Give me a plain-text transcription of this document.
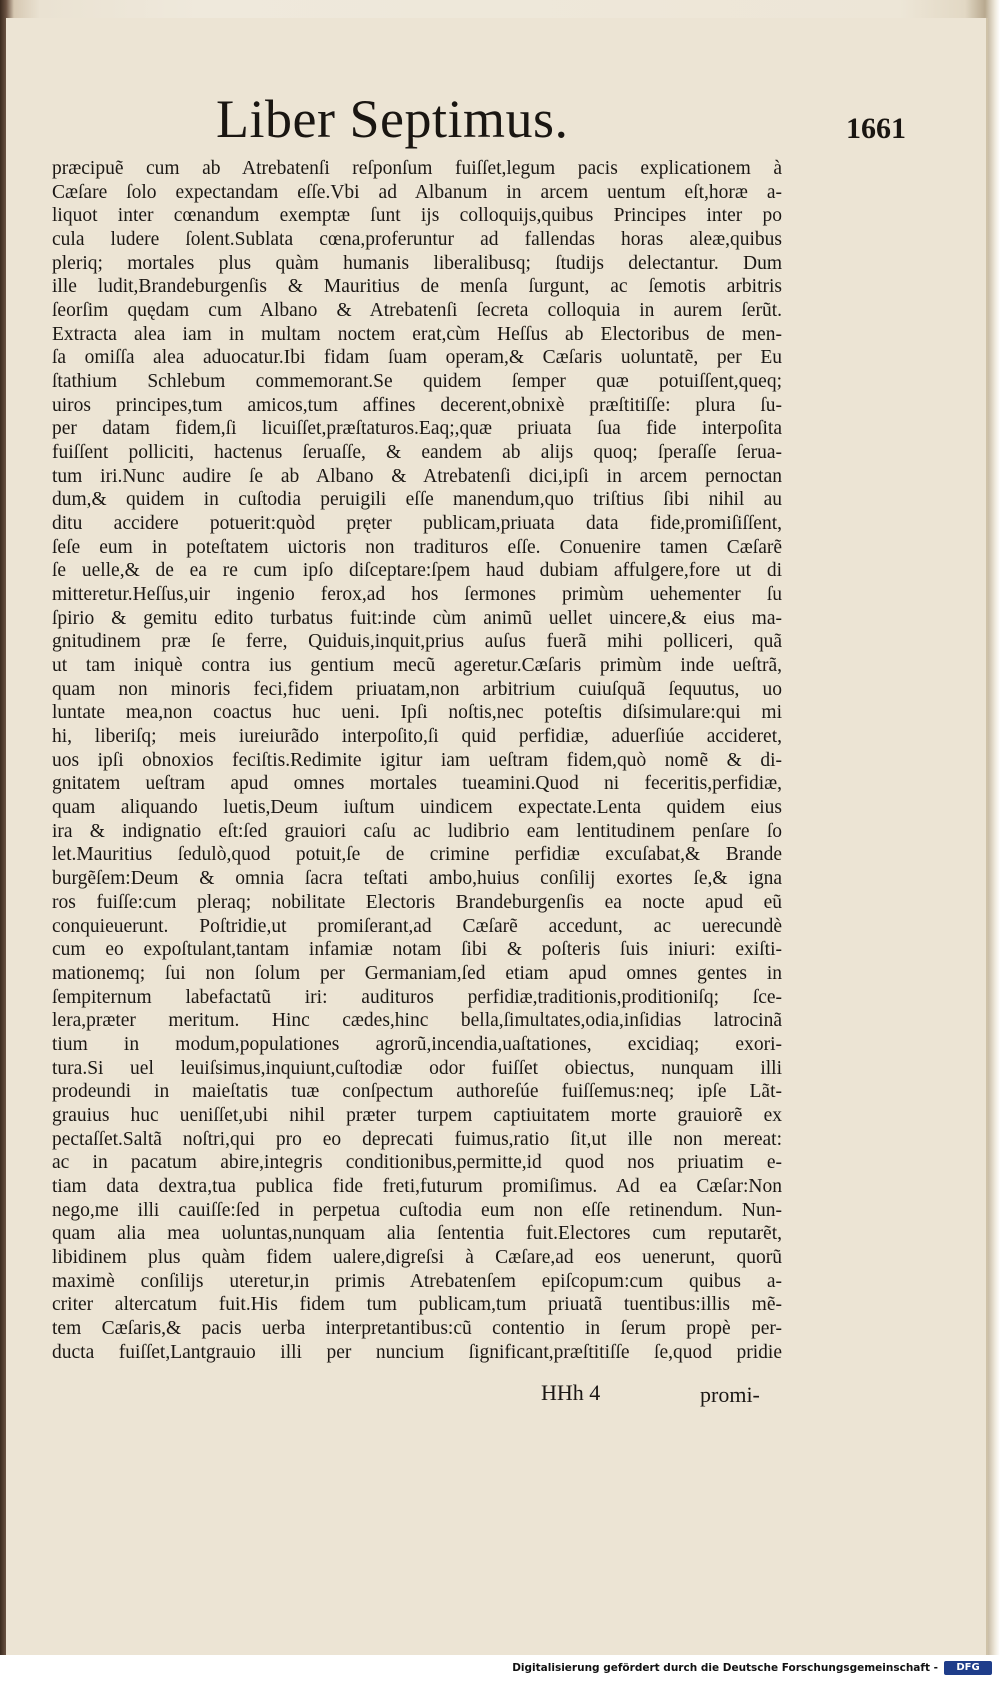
Liber Septimus.	1661
præcipuẽ cum ab Atrebatenſi reſponſum fuiſſet,legum pacis explicationem à
Cæſare ſolo expectandam eſſe.Vbi ad Albanum in arcem uentum eſt,horæ a-
liquot inter cœnandum exemptæ ſunt ijs colloquijs,quibus Principes inter po
cula ludere ſolent.Sublata cœna,proferuntur ad fallendas horas aleæ,quibus
pleriq; mortales plus quàm humanis liberalibusq; ſtudijs delectantur. Dum
ille ludit,Brandeburgenſis & Mauritius de menſa ſurgunt, ac ſemotis arbitris
ſeorſim quędam cum Albano & Atrebatenſi ſecreta colloquia in aurem ſerũt.
Extracta alea iam in multam noctem erat,cùm Heſſus ab Electoribus de men-
ſa omiſſa alea aduocatur.Ibi fidam ſuam operam,& Cæſaris uoluntatẽ, per Eu
ſtathium Schlebum commemorant.Se quidem ſemper quæ potuiſſent,queq;
uiros principes,tum amicos,tum affines decerent,obnixè præſtitiſſe: plura ſu-
per datam fidem,ſi licuiſſet,præſtaturos.Eaq;,quæ priuata ſua fide interpoſita
fuiſſent polliciti, hactenus ſeruaſſe, & eandem ab alijs quoq; ſperaſſe ſerua-
tum iri.Nunc audire ſe ab Albano & Atrebatenſi dici,ipſi in arcem pernoctan
dum,& quidem in cuſtodia peruigili eſſe manendum,quo triſtius ſibi nihil au
ditu accidere potuerit:quòd pręter publicam,priuata data fide,promiſiſſent,
ſeſe eum in poteſtatem uictoris non tradituros eſſe. Conuenire tamen Cæſarẽ
ſe uelle,& de ea re cum ipſo diſceptare:ſpem haud dubiam affulgere,fore ut di
mitteretur.Heſſus,uir ingenio ferox,ad hos ſermones primùm uehementer ſu
ſpirio & gemitu edito turbatus fuit:inde cùm animũ uellet uincere,& eius ma-
gnitudinem præ ſe ferre, Quiduis,inquit,prius auſus fuerã mihi polliceri, quã
ut tam iniquè contra ius gentium mecũ ageretur.Cæſaris primùm inde ueſtrã,
quam non minoris feci,fidem priuatam,non arbitrium cuiuſquã ſequutus, uo
luntate mea,non coactus huc ueni. Ipſi noſtis,nec poteſtis diſsimulare:qui mi
hi, liberiſq; meis iureiurãdo interpoſito,ſi quid perfidiæ, aduerſiúe accideret,
uos ipſi obnoxios feciſtis.Redimite igitur iam ueſtram fidem,quò nomẽ & di-
gnitatem ueſtram apud omnes mortales tueamini.Quod ni feceritis,perfidiæ,
quam aliquando luetis,Deum iuſtum uindicem expectate.Lenta quidem eius
ira & indignatio eſt:ſed grauiori caſu ac ludibrio eam lentitudinem penſare ſo
let.Mauritius ſedulò,quod potuit,ſe de crimine perfidiæ excuſabat,& Brande
burgẽſem:Deum & omnia ſacra teſtati ambo,huius conſilij exortes ſe,& igna
ros fuiſſe:cum pleraq; nobilitate Electoris Brandeburgenſis ea nocte apud eũ
conquieuerunt. Poſtridie,ut promiſerant,ad Cæſarẽ accedunt, ac uerecundè
cum eo expoſtulant,tantam infamiæ notam ſibi & poſteris ſuis iniuri: exiſti-
mationemq; ſui non ſolum per Germaniam,ſed etiam apud omnes gentes in
ſempiternum labefactatũ iri: audituros perfidiæ,traditionis,proditioniſq; ſce-
lera,præter meritum. Hinc cædes,hinc bella,ſimultates,odia,inſidias latrocinã
tium in modum,populationes agrorũ,incendia,uaſtationes, excidiaq; exori-
tura.Si uel leuiſsimus,inquiunt,cuſtodiæ odor fuiſſet obiectus, nunquam illi
prodeundi in maieſtatis tuæ conſpectum authoreſúe fuiſſemus:neq; ipſe Lãt-
grauius huc ueniſſet,ubi nihil præter turpem captiuitatem morte grauiorẽ ex
pectaſſet.Saltã noſtri,qui pro eo deprecati fuimus,ratio ſit,ut ille non mereat:
ac in pacatum abire,integris conditionibus,permitte,id quod nos priuatim e-
tiam data dextra,tua publica fide freti,futurum promiſimus. Ad ea Cæſar:Non
nego,me illi cauiſſe:ſed in perpetua cuſtodia eum non eſſe retinendum. Nun-
quam alia mea uoluntas,nunquam alia ſententia fuit.Electores cum reputarẽt,
libidinem plus quàm fidem ualere,digreſsi à Cæſare,ad eos uenerunt, quorũ
maximè conſilijs uteretur,in primis Atrebatenſem epiſcopum:cum quibus a-
criter altercatum fuit.His fidem tum publicam,tum priuatã tuentibus:illis mẽ-
tem Cæſaris,& pacis uerba interpretantibus:cũ contentio in ſerum propè per-
ducta fuiſſet,Lantgrauio illi per nuncium ſignificant,præſtitiſſe ſe,quod pridie
HHh 4	promi-
Digitalisierung gefördert durch die Deutsche Forschungsgemeinschaft -	DFG
